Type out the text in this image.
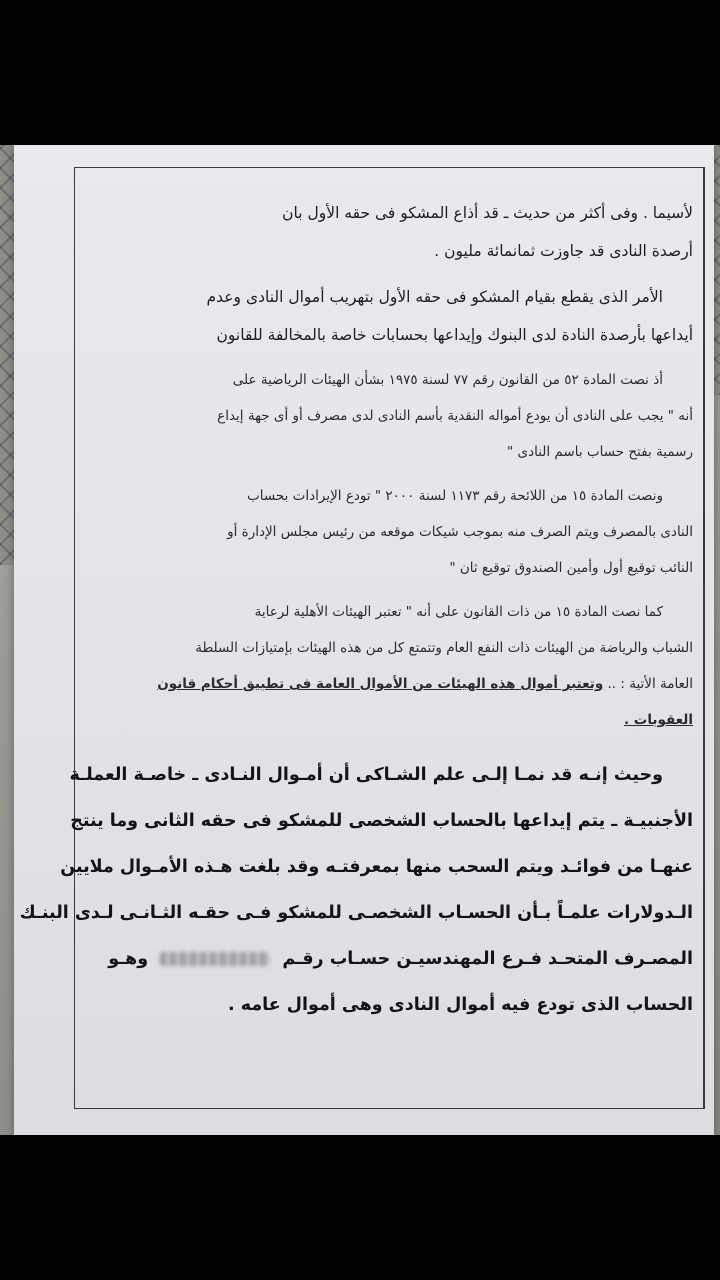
لأسيما . وفى أكثر من حديث ـ قد أذاع المشكو فى حقه الأول بان
أرصدة النادى قد جاوزت ثمانمائة مليون .
الأمر الذى يقطع بقيام المشكو فى حقه الأول بتهريب أموال النادى وعدم
أيداعها بأرصدة النادة لدى البنوك وإيداعها بحسابات خاصة بالمخالفة للقانون
أذ نصت المادة ٥٢ من القانون رقم ٧٧ لسنة ١٩٧٥ بشأن الهيئات الرياضية على
أنه " يجب على النادى أن يودع أمواله النقدية بأسم النادى لدى مصرف أو أى جهة إيداع
رسمية بفتح حساب باسم النادى "
ونصت المادة ١٥ من اللائحة رقم ١١٧٣ لسنة ٢٠٠٠ " تودع الإيرادات بحساب
النادى بالمصرف ويتم الصرف منه بموجب شيكات موقعه من رئيس مجلس الإدارة أو
النائب توقيع أول وأمين الصندوق توقيع ثان "
كما نصت المادة ١٥ من ذات القانون على أنه " تعتبر الهيئات الأهلية لرعاية
الشباب والرياضة من الهيئات ذات النفع العام وتتمتع كل من هذه الهيئات بإمتيازات السلطة
العامة الأتية : .. وتعتبر أموال هذه الهيئات من الأموال العامة فى تطبيق أحكام قانون
العقوبات .
وحيث إنـه قد نمـا إلـى علم الشـاكى أن أمـوال النـادى ـ خاصـة العملـة
الأجنبيـة ـ يتم إيداعها بالحساب الشخصى للمشكو فى حقه الثانى وما ينتج
عنهـا من فوائـد ويتم السحب منها بمعرفتـه وقد بلغت هـذه الأمـوال ملايين
الـدولارات علمـاً بـأن الحسـاب الشخصـى للمشكو فـى حقـه الثـانـى لـدى البنـك
المصـرف المتحـد فـرع المهندسيـن حسـاب رقـم  وهـو
الحساب الذى تودع فيه أموال النادى وهى أموال عامه .
